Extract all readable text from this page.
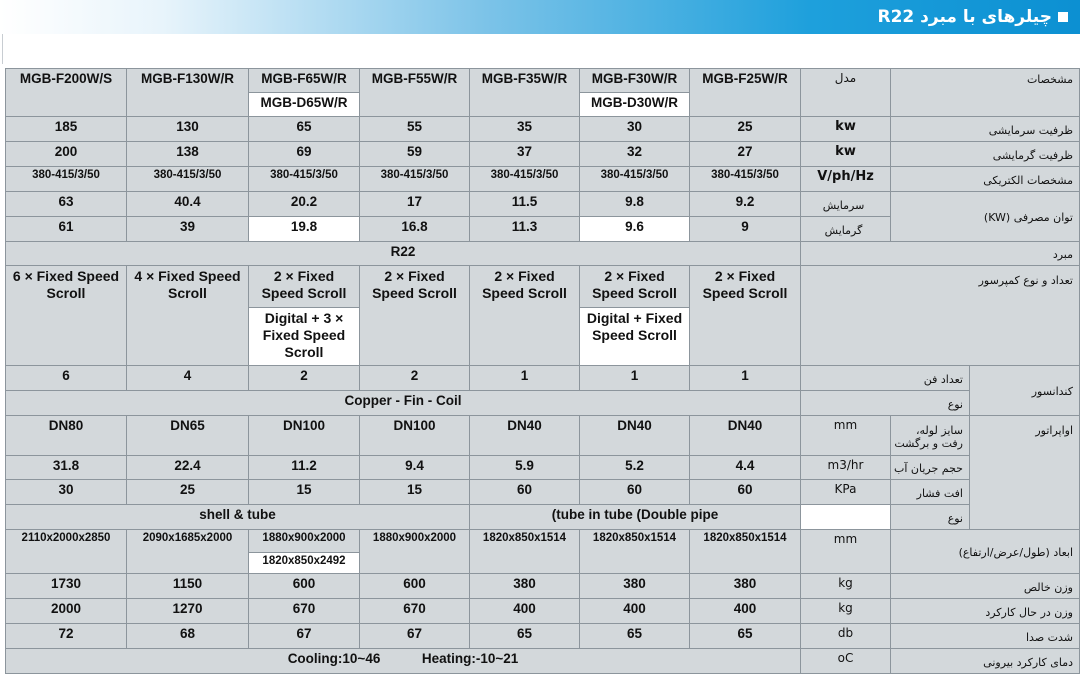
چیلرهای با مبرد R22
MGB-F200W/S	MGB-F130W/R	MGB-F65W/R	MGB-F55W/R	MGB-F35W/R	MGB-F30W/R	MGB-F25W/R	مدل	مشخصات	
		MGB-D65W/R			MGB-D30W/R				
185	130	65	55	35	30	25	kw	ظرفیت سرمایشی	
200	138	69	59	37	32	27	kw	ظرفیت گرمایشی	
380-415/3/50	380-415/3/50	380-415/3/50	380-415/3/50	380-415/3/50	380-415/3/50	380-415/3/50	V/ph/Hz	مشخصات الکتریکی	
63	40.4	20.2	17	11.5	9.8	9.2	سرمایش	توان مصرفی (KW)	
61	39	19.8	16.8	11.3	9.6	9	گرمایش		
R22							مبرد		
6 × Fixed Speed Scroll	4 × Fixed Speed Scroll	2 × Fixed Speed Scroll	2 × Fixed Speed Scroll	2 × Fixed Speed Scroll	2 × Fixed Speed Scroll	2 × Fixed Speed Scroll	تعداد و نوع کمپرسور		
		Digital + 3 × Fixed Speed Scroll			Digital + Fixed Speed Scroll				
6	4	2	2	1	1	1	تعداد فن		کندانسور
Copper - Fin - Coil							نوع		
DN80	DN65	DN100	DN100	DN40	DN40	DN40	mm	سایز لوله، رفت و برگشت	اواپراتور
31.8	22.4	11.2	9.4	5.9	5.2	4.4	m3/hr	حجم جریان آب	
30	25	15	15	60	60	60	KPa	افت فشار	
shell & tube				(tube in tube (Double pipe				نوع	
2110x2000x2850	2090x1685x2000	1880x900x2000	1880x900x2000	1820x850x1514	1820x850x1514	1820x850x1514	mm	ابعاد (طول/عرض/ارتفاع)	
		1820x850x2492							
1730	1150	600	600	380	380	380	kg	وزن خالص	
2000	1270	670	670	400	400	400	kg	وزن در حال کارکرد	
72	68	67	67	65	65	65	db	شدت صدا	
Cooling:10~46 Heating:-10~21							oC	دمای کارکرد بیرونی	
